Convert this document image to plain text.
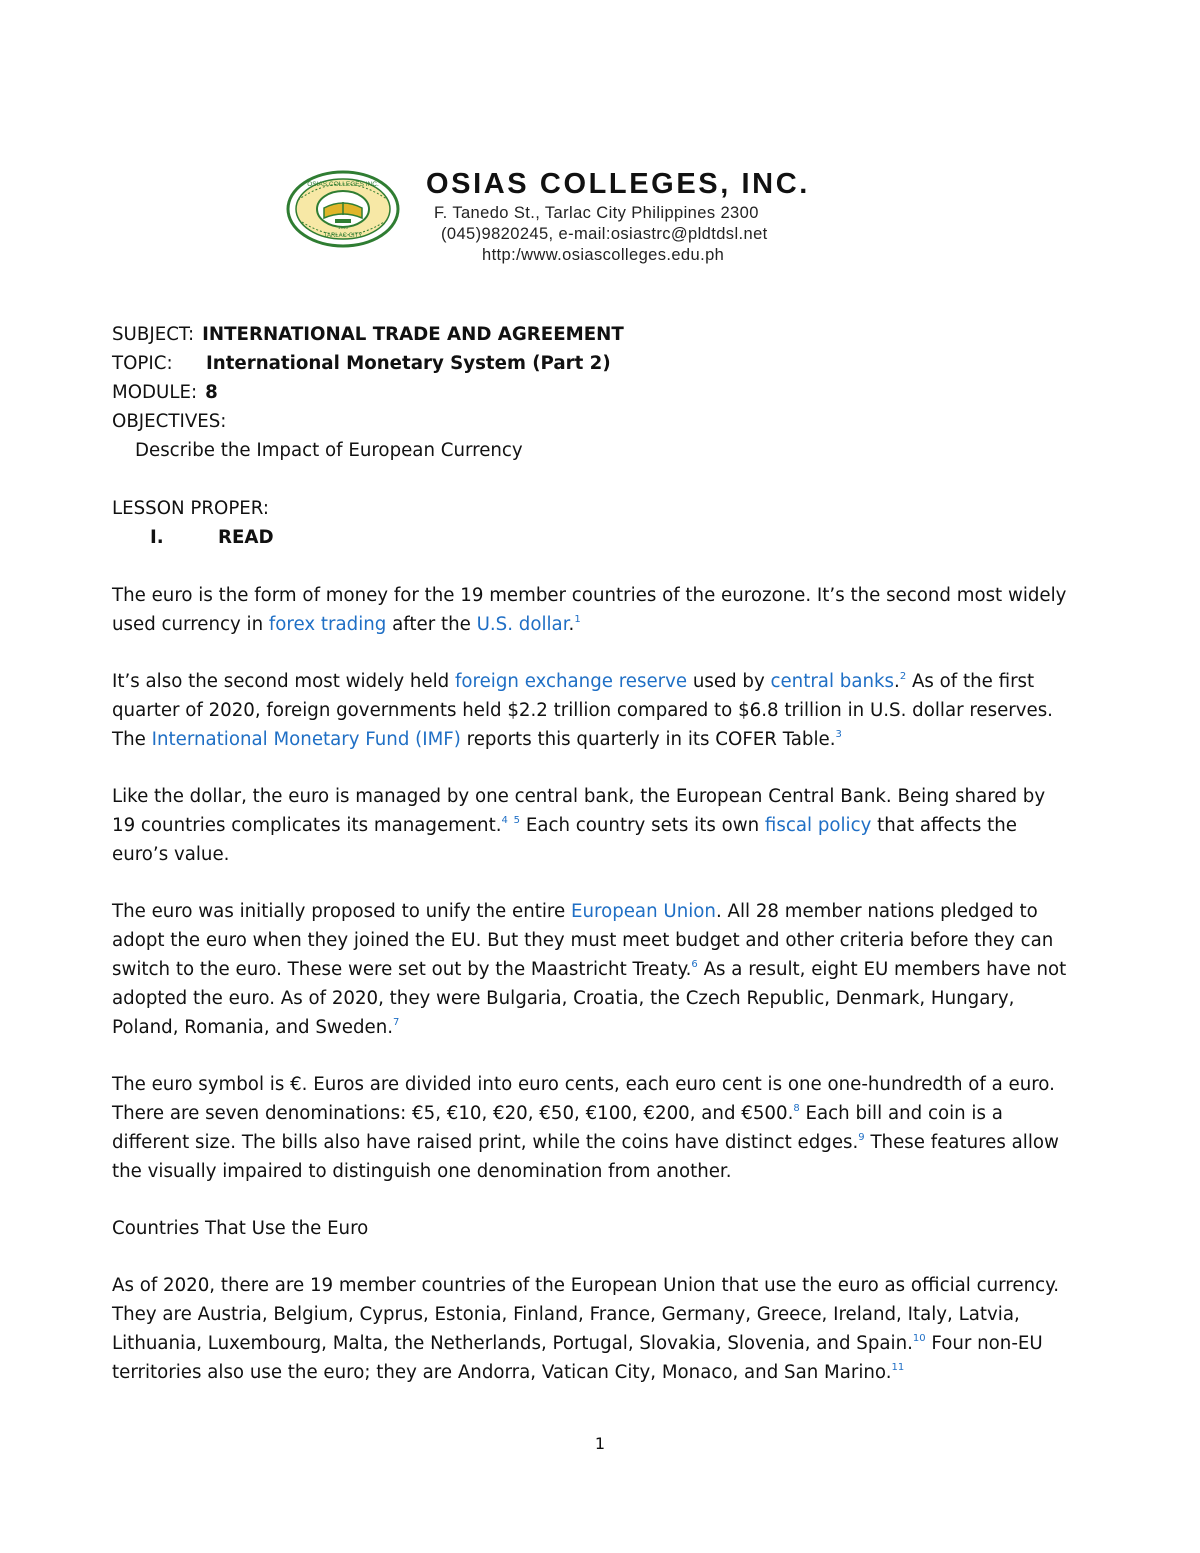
OSIAS COLLEGES INC.
TARLAC CITY
1940
OSIAS COLLEGES, INC.
F. Tanedo St., Tarlac City Philippines 2300
(045)9820245, e-mail:osiastrc@pldtdsl.net
http:/www.osiascolleges.edu.ph
SUBJECT: INTERNATIONAL TRADE AND AGREEMENT
TOPIC: International Monetary System (Part 2)
MODULE: 8
OBJECTIVES:
Describe the Impact of European Currency
LESSON PROPER:
I.	READ

The euro is the form of money for the 19 member countries of the eurozone. It’s the second most widely used currency in forex trading after the U.S. dollar.$^1$

It’s also the second most widely held foreign exchange reserve used by central banks.$^2$ As of the first quarter of 2020, foreign governments held $2.2 trillion compared to $6.8 trillion in U.S. dollar reserves. The International Monetary Fund (IMF) reports this quarterly in its COFER Table.$^3$

Like the dollar, the euro is managed by one central bank, the European Central Bank. Being shared by 19 countries complicates its management.$^4$ $^5$ Each country sets its own fiscal policy that affects the euro’s value.

The euro was initially proposed to unify the entire European Union. All 28 member nations pledged to adopt the euro when they joined the EU. But they must meet budget and other criteria before they can switch to the euro. These were set out by the Maastricht Treaty.$^6$ As a result, eight EU members have not adopted the euro. As of 2020, they were Bulgaria, Croatia, the Czech Republic, Denmark, Hungary, Poland, Romania, and Sweden.$^7$

The euro symbol is €. Euros are divided into euro cents, each euro cent is one one-hundredth of a euro. There are seven denominations: €5, €10, €20, €50, €100, €200, and €500.$^8$ Each bill and coin is a different size. The bills also have raised print, while the coins have distinct edges.$^9$ These features allow the visually impaired to distinguish one denomination from another.

Countries That Use the Euro

As of 2020, there are 19 member countries of the European Union that use the euro as official currency. They are Austria, Belgium, Cyprus, Estonia, Finland, France, Germany, Greece, Ireland, Italy, Latvia, Lithuania, Luxembourg, Malta, the Netherlands, Portugal, Slovakia, Slovenia, and Spain.$^{10}$ Four non-EU territories also use the euro; they are Andorra, Vatican City, Monaco, and San Marino.$^{11}$

1
